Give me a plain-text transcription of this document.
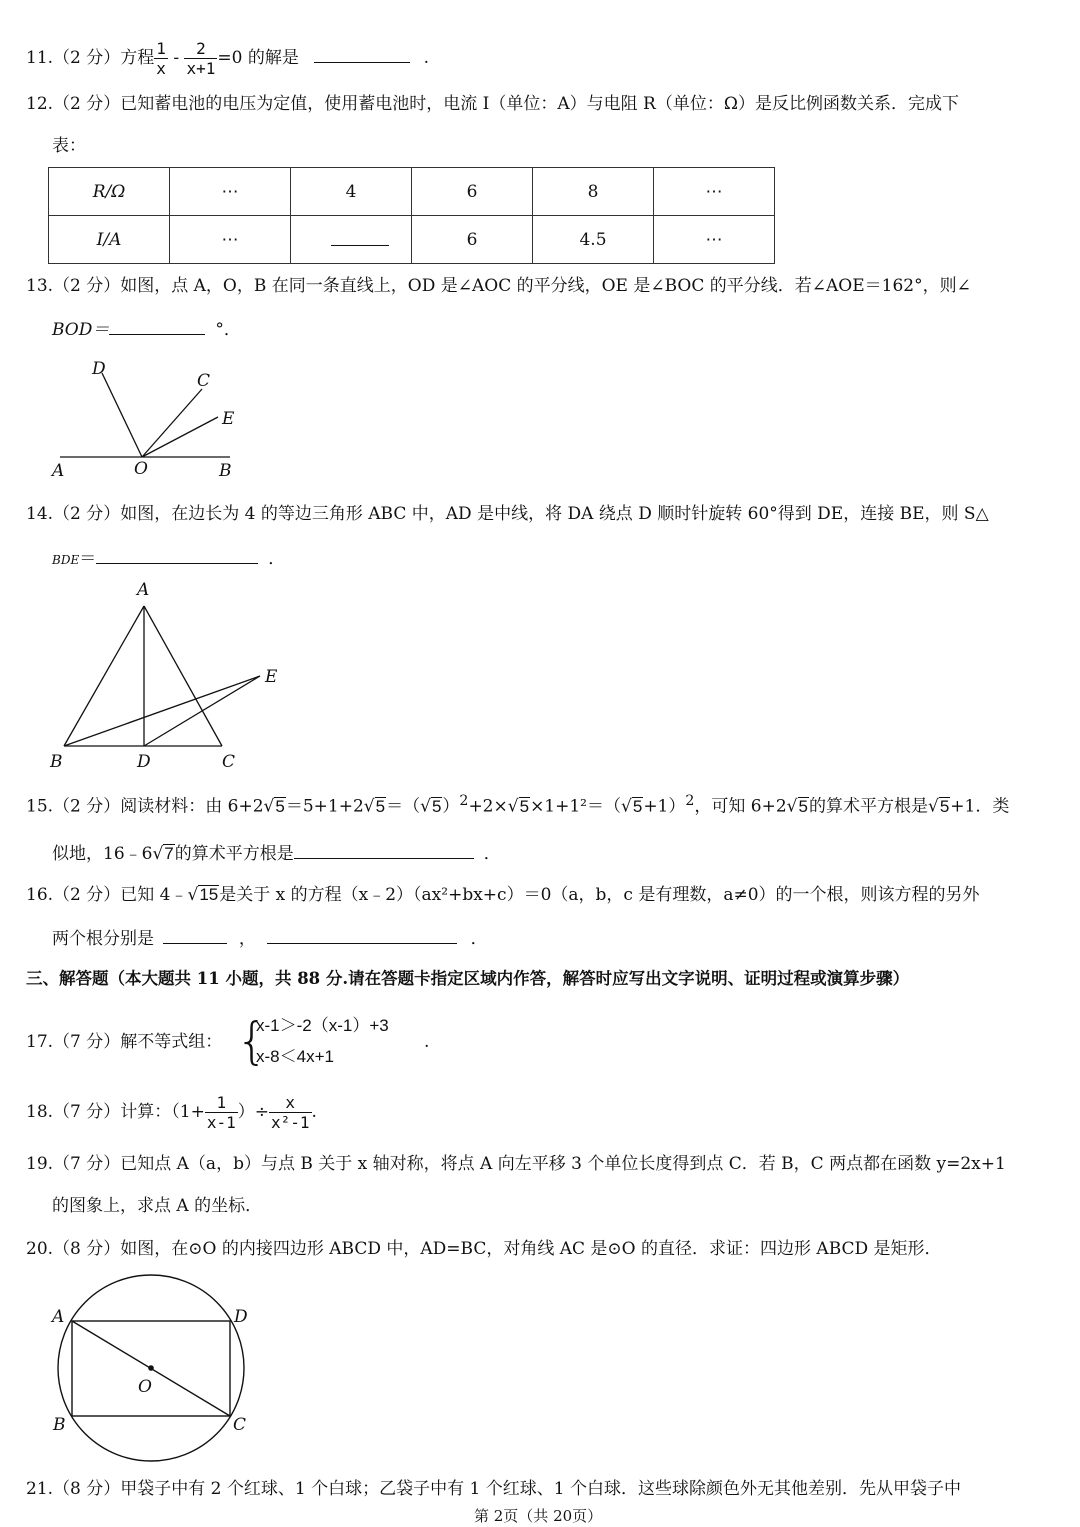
11.（2 分）方程 $\frac{1}{x} - \frac{2}{x+1} =0$ 的解是	.
12.（2 分）已知蓄电池的电压为定值，使用蓄电池时，电流 I（单位：A）与电阻 R（单位：Ω）是反比例函数关系．完成下
表：
R/Ω	⋯	4	6	8	⋯
I/A	⋯		6	4.5	⋯
13.（2 分）如图，点 A，O，B 在同一条直线上，OD 是∠AOC 的平分线，OE 是∠BOC 的平分线．若∠AOE＝162°，则∠
BOD＝	°．
D
C
E
A	O	B
14.（2 分）如图，在边长为 4 的等边三角形 ABC 中，AD 是中线，将 DA 绕点 D 顺时针旋转 60°得到 DE，连接 BE，则 S△
BDE＝	．
A
E
B	D	C
15.（2 分）阅读材料：由 $6+2√5=5+1+2√5=(√5)^2+2\times√5\times 1+1^2=(√5+1)^2$，可知 6+2√5的算术平方根是√5+1．类
似地，16﹣6√7的算术平方根是	．
16.（2 分）已知 4﹣√15是关于 x 的方程（x﹣2）（ax²+bx+c）＝0（a，b，c 是有理数，a≠0）的一个根，则该方程的另外
两个根分别是	，	．
三、解答题（本大题共 11 小题，共 88 分.请在答题卡指定区域内作答，解答时应写出文字说明、证明过程或演算步骤）
17.（7 分）解不等式组： {
x-1＞-2（x-1）+3
x-8＜4x+1
.
18.（7 分）计算：（$1+ \frac{1}{x-1}$ ）÷ $\frac{x}{\text{x²-1}}$ .
19.（7 分）已知点 A（a，b）与点 B 关于 x 轴对称，将点 A 向左平移 3 个单位长度得到点 C．若 B，C 两点都在函数 y=2x+1
的图象上，求点 A 的坐标．
20.（8 分）如图，在⊙O 的内接四边形 ABCD 中，AD=BC，对角线 AC 是⊙O 的直径．求证：四边形 ABCD 是矩形．
A	D
O
B	C
21.（8 分）甲袋子中有 2 个红球、1 个白球；乙袋子中有 1 个红球、1 个白球．这些球除颜色外无其他差别．先从甲袋子中
第 2页（共 20页）
